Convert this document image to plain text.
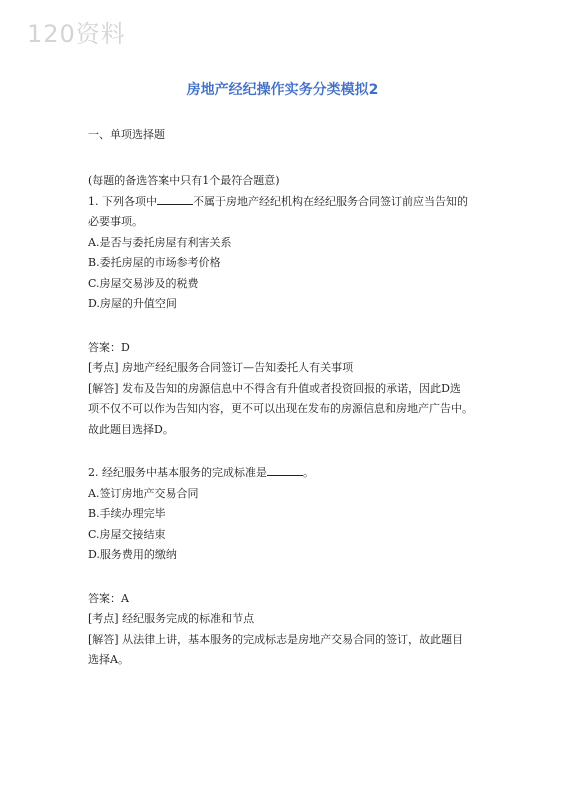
120资料
房地产经纪操作实务分类模拟2
一、单项选择题

(每题的备选答案中只有1个最符合题意)

1. 下列各项中	不属于房地产经纪机构在经纪服务合同签订前应当告知的

必要事项。

A.是否与委托房屋有利害关系

B.委托房屋的市场参考价格

C.房屋交易涉及的税费

D.房屋的升值空间

答案：D

[考点] 房地产经纪服务合同签订—告知委托人有关事项

[解答] 发布及告知的房源信息中不得含有升值或者投资回报的承诺，因此D选

项不仅不可以作为告知内容，更不可以出现在发布的房源信息和房地产广告中。

故此题目选择D。

2. 经纪服务中基本服务的完成标准是	。

A.签订房地产交易合同

B.手续办理完毕

C.房屋交接结束

D.服务费用的缴纳

答案：A

[考点] 经纪服务完成的标准和节点

[解答] 从法律上讲，基本服务的完成标志是房地产交易合同的签订，故此题目

选择A。
